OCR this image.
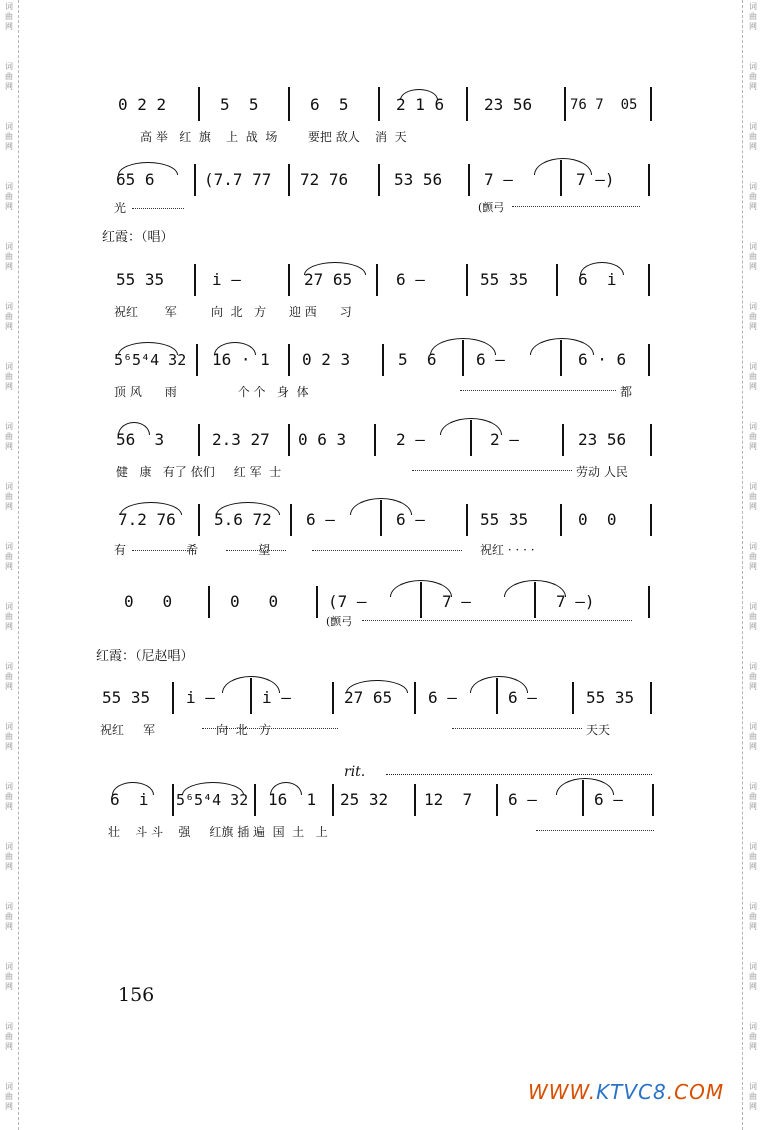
词
曲
网
词
曲
网
词
曲
网
词
曲
网
词
曲
网
词
曲
网
词
曲
网
词
曲
网
词
曲
网
词
曲
网
词
曲
网
词
曲
网
词
曲
网
词
曲
网
词
曲
网
词
曲
网
词
曲
网
词
曲
网
词
曲
网
词
曲
网
词
曲
网
词
曲
网
词
曲
网
词
曲
网
词
曲
网
词
曲
网
词
曲
网
词
曲
网
词
曲
网
词
曲
网
词
曲
网
词
曲
网
词
曲
网
词
曲
网
词
曲
网
词
曲
网
词
曲
网
词
曲
网
0 2 2	5  5	6  5	2 1 6 23 56	76 7  05
高 举   红  旗    上  战  场        要把 敌人    消  天
65 6	(7.7 77 72 76	53 56	7 —	7 —)
光	(颤弓
红霞：（唱）
55 35	i —	27 65	6 —	55 35	6  i
祝红       军         向  北   方      迎 西      习
5⁶5⁴4 32 16 · 1 0 2 3	5  6 6 —	6 · 6
顶 风      雨                个 个   身  体	都
56  3	2.3 27 0 6 3	2 —	2 —	23 56
健   康   有了 依们     红 军  士	劳动 人民
7.2 76 5.6 72 6 —	6 —	55 35	0  0
有          希          望	祝红 · · · ·
0   0	0   0	(7 —	7 —	7 —)
(颤弓
红霞：（尼赵唱）
55 35 i —	i —	27 65 6 —	6 —	55 35
祝红     军                向  北   方	天天
rit.
6  i 5⁶5⁴4 32 16  1 25 32 12  7 6 —	6 —
壮    斗 斗    强     红旗 插 遍  国  土   上
156
WWW.KTVC8.COM
